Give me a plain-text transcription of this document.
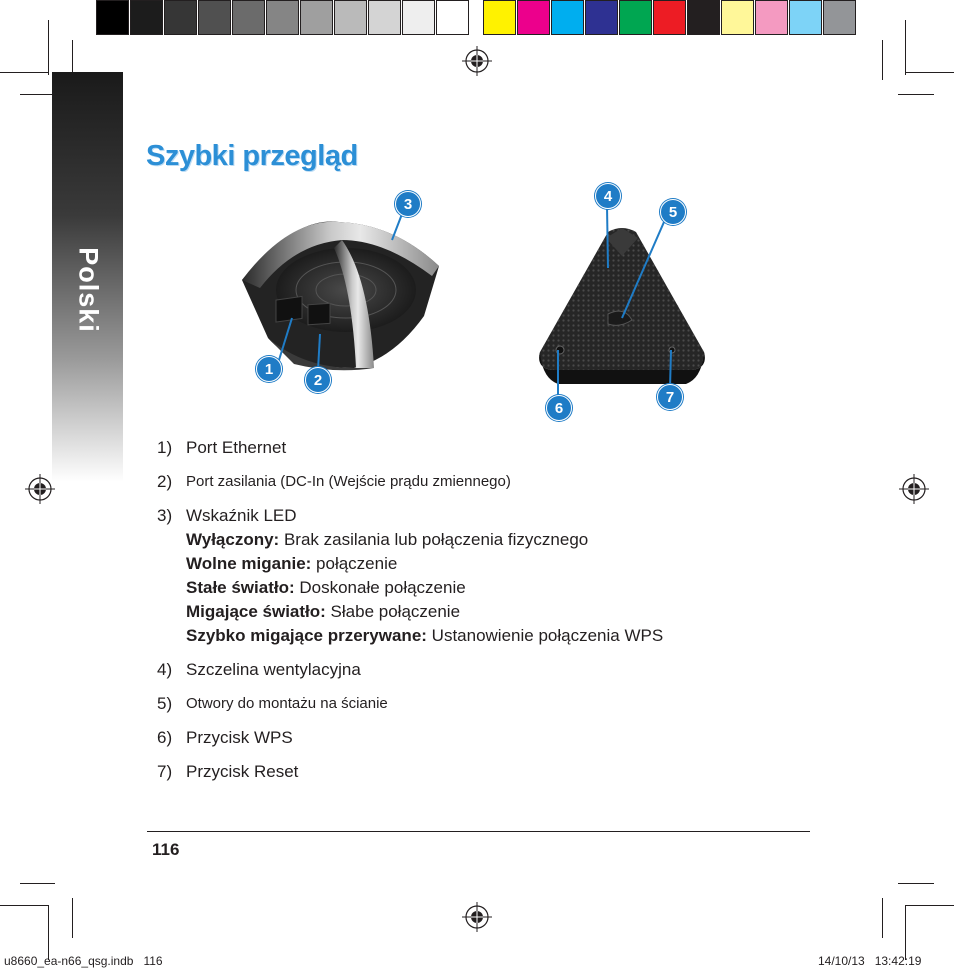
Polski
Szybki przegląd
1
2
3	4
5
6
7
1) Port Ethernet
2) Port zasilania (DC-In (Wejście prądu zmiennego)
3) Wskaźnik LED
Wyłączony: Brak zasilania lub połączenia fizycznego
Wolne miganie: połączenie
Stałe światło: Doskonałe połączenie
Migające światło: Słabe połączenie
Szybko migające przerywane: Ustanowienie połączenia WPS
4) Szczelina wentylacyjna
5) Otwory do montażu na ścianie
6) Przycisk WPS
7) Przycisk Reset
116
u8660_ea-n66_qsg.indb   116	14/10/13   13:42:19
